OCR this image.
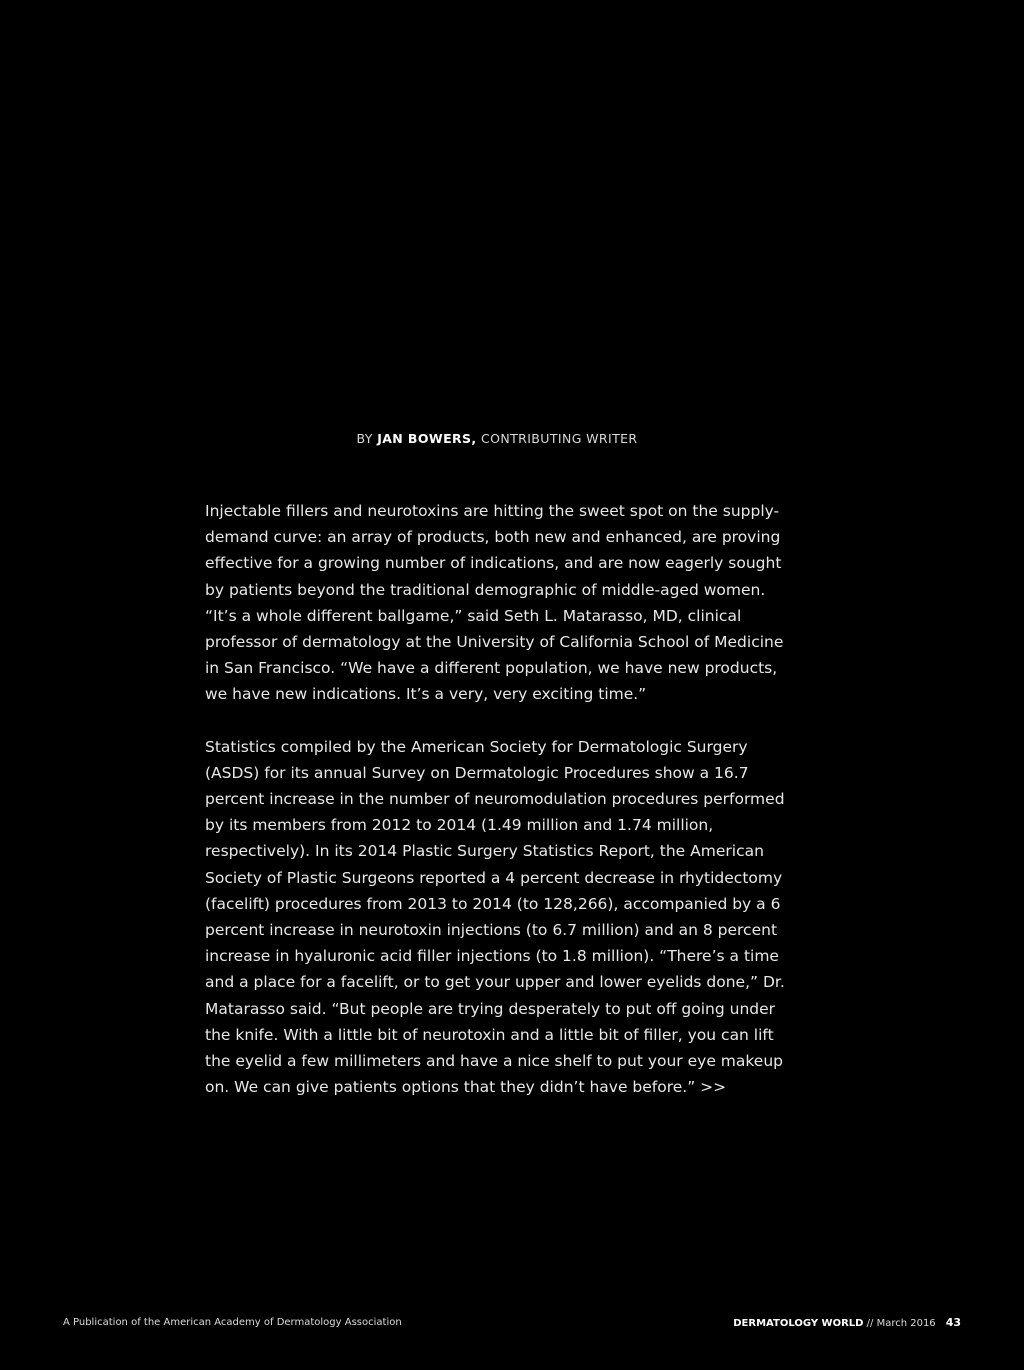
BY JAN BOWERS, CONTRIBUTING WRITER

Injectable fillers and neurotoxins are hitting the sweet spot on the supply-demand curve: an array of products, both new and enhanced, are proving effective for a growing number of indications, and are now eagerly sought by patients beyond the traditional demographic of middle-aged women. “It’s a whole different ballgame,” said Seth L. Matarasso, MD, clinical professor of dermatology at the University of California School of Medicine in San Francisco. “We have a different population, we have new products, we have new indications. It’s a very, very exciting time.”

Statistics compiled by the American Society for Dermatologic Surgery (ASDS) for its annual Survey on Dermatologic Procedures show a 16.7 percent increase in the number of neuromodulation procedures performed by its members from 2012 to 2014 (1.49 million and 1.74 million, respectively). In its 2014 Plastic Surgery Statistics Report, the American Society of Plastic Surgeons reported a 4 percent decrease in rhytidectomy (facelift) procedures from 2013 to 2014 (to 128,266), accompanied by a 6 percent increase in neurotoxin injections (to 6.7 million) and an 8 percent increase in hyaluronic acid filler injections (to 1.8 million). “There’s a time and a place for a facelift, or to get your upper and lower eyelids done,” Dr. Matarasso said. “But people are trying desperately to put off going under the knife. With a little bit of neurotoxin and a little bit of filler, you can lift the eyelid a few millimeters and have a nice shelf to put your eye makeup on. We can give patients options that they didn’t have before.” >>

A Publication of the American Academy of Dermatology Association	DERMATOLOGY WORLD // March 2016 43
